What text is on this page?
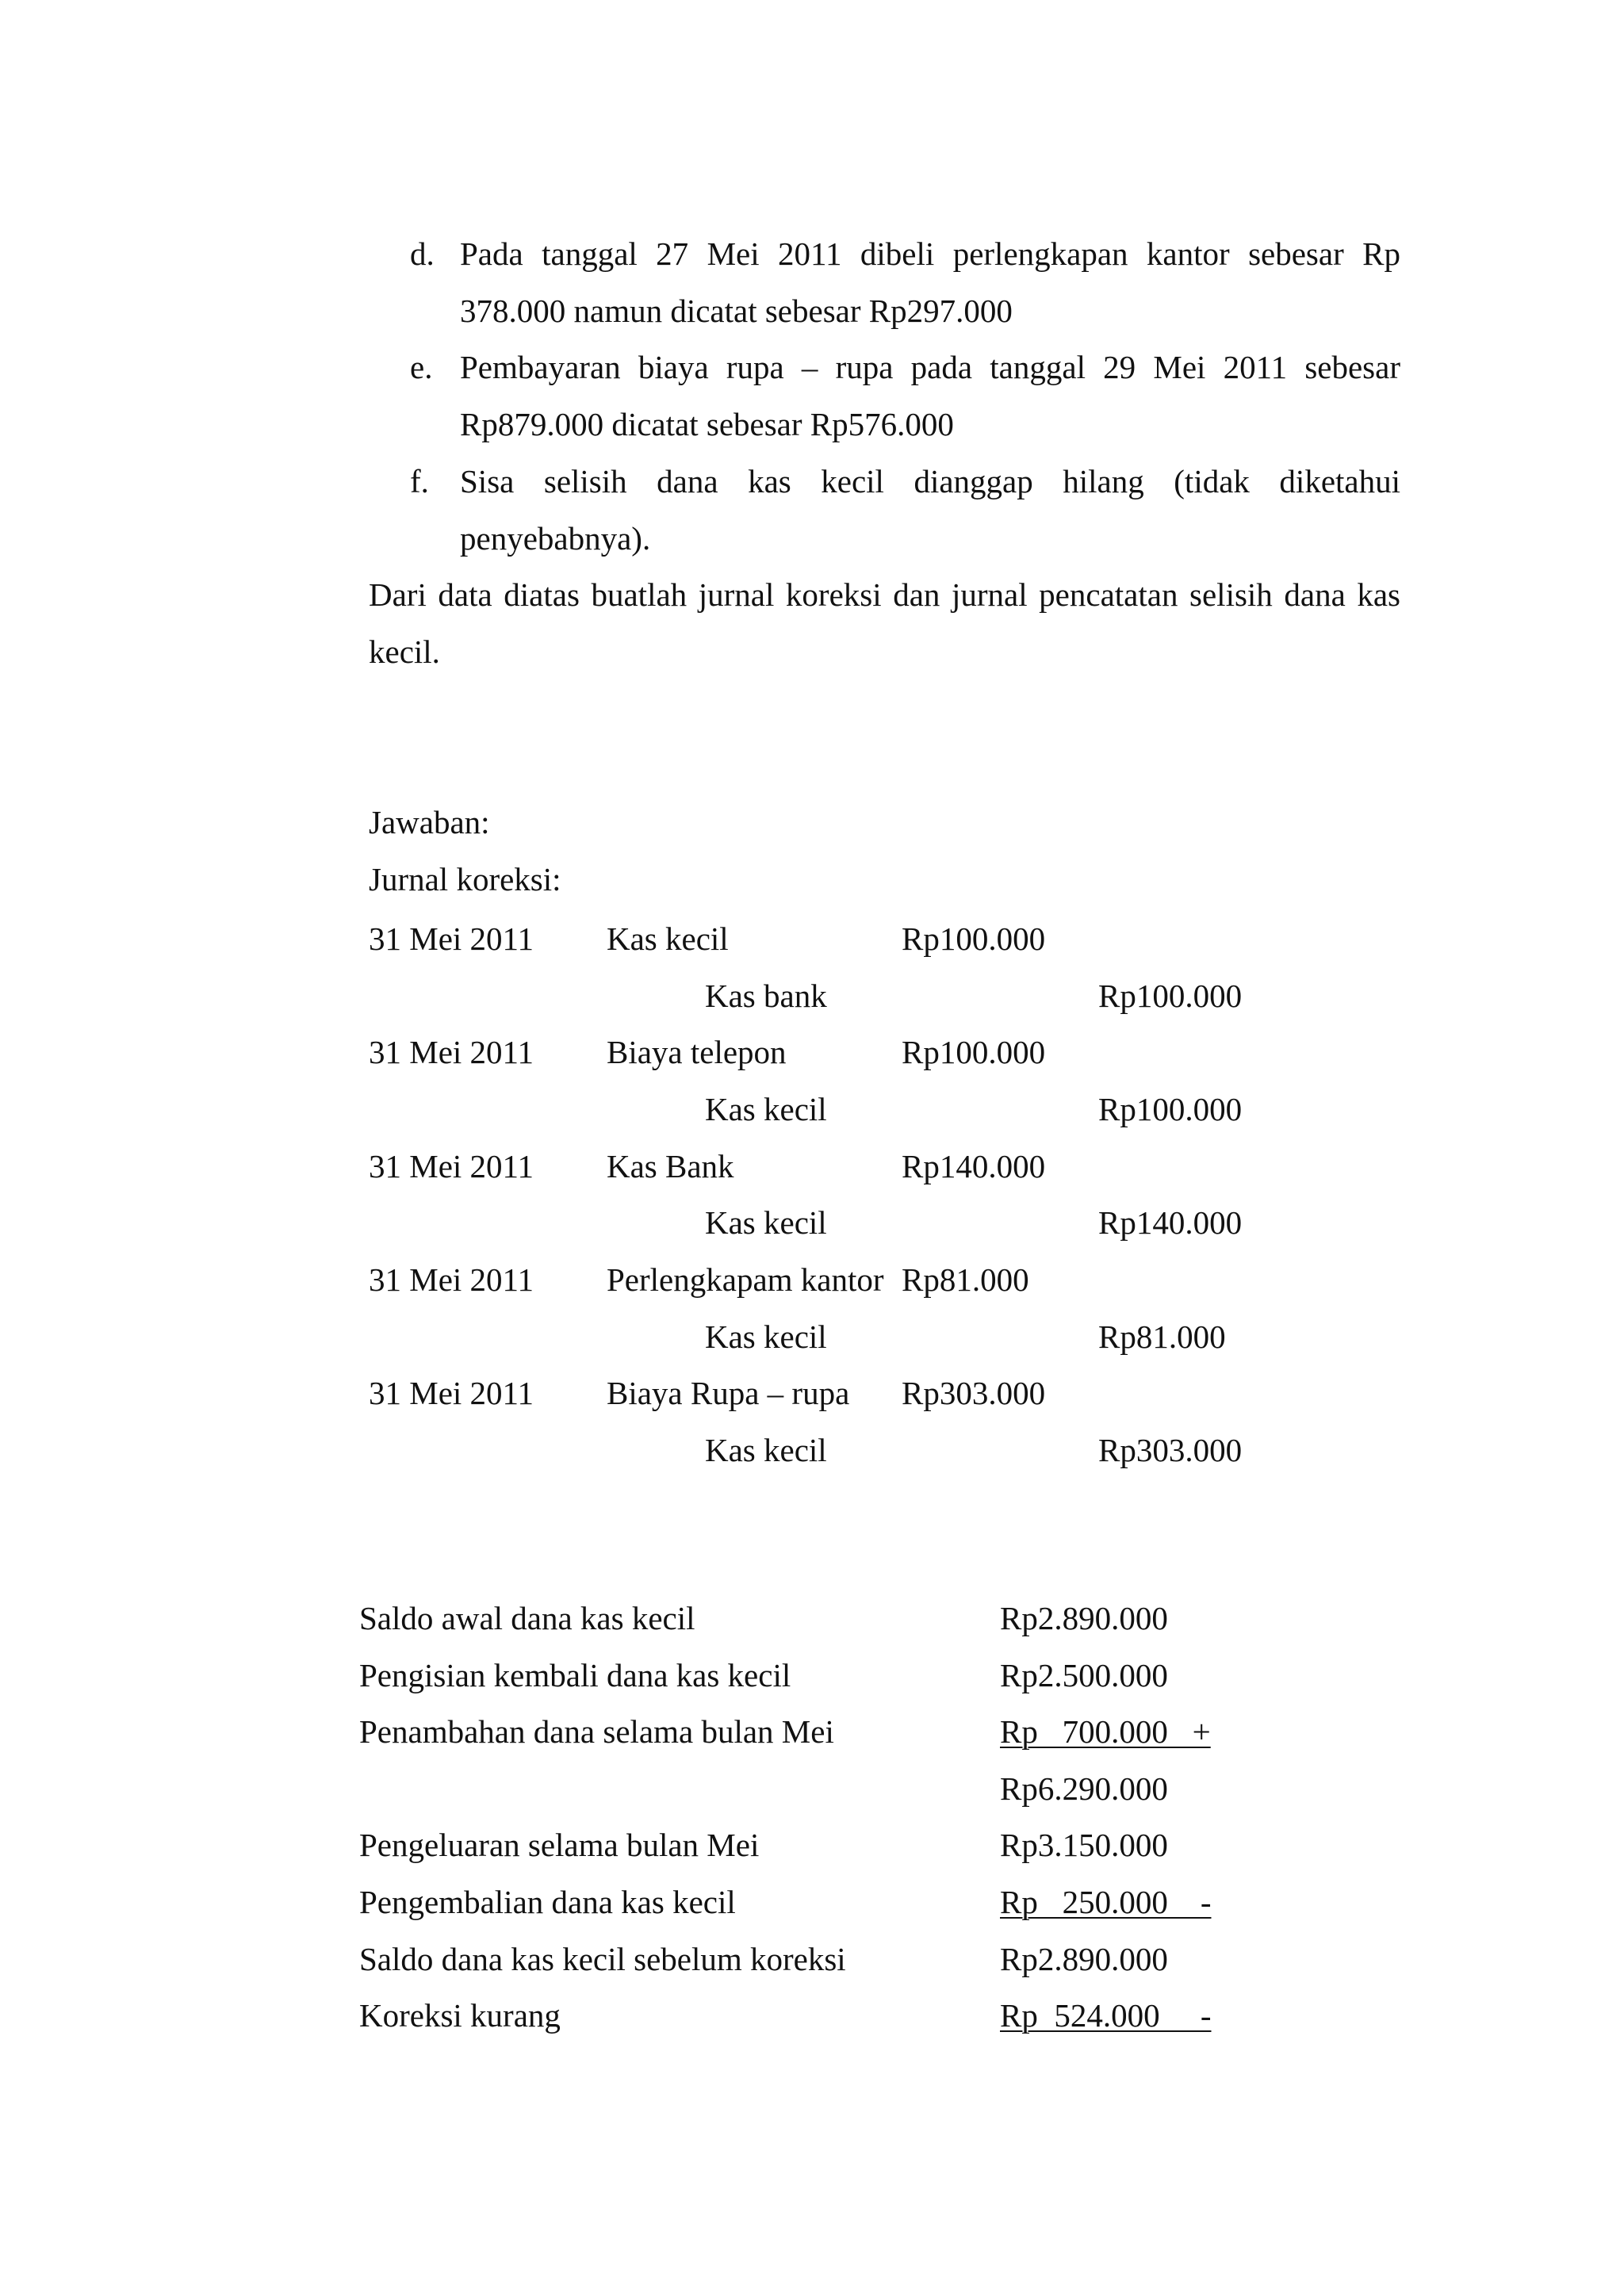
d. Pada tanggal 27 Mei 2011 dibeli perlengkapan kantor sebesar Rp
378.000 namun dicatat sebesar Rp297.000
e. Pembayaran biaya rupa – rupa pada tanggal 29 Mei 2011 sebesar
Rp879.000 dicatat sebesar Rp576.000
f. Sisa selisih dana kas kecil dianggap hilang (tidak diketahui
penyebabnya).
Dari data diatas buatlah jurnal koreksi dan jurnal pencatatan selisih dana kas
kecil.
Jawaban:
Jurnal koreksi:
31 Mei 2011 Kas kecil	Rp100.000
Kas bank	Rp100.000
31 Mei 2011 Biaya telepon	Rp100.000
Kas kecil	Rp100.000
31 Mei 2011 Kas Bank	Rp140.000
Kas kecil	Rp140.000
31 Mei 2011 Perlengkapam kantor Rp81.000
Kas kecil	Rp81.000
31 Mei 2011 Biaya Rupa – rupa Rp303.000
Kas kecil	Rp303.000
Saldo awal dana kas kecil	Rp2.890.000
Pengisian kembali dana kas kecil	Rp2.500.000
Penambahan dana selama bulan Mei	Rp   700.000   +
Rp6.290.000
Pengeluaran selama bulan Mei	Rp3.150.000
Pengembalian dana kas kecil	Rp   250.000    -
Saldo dana kas kecil sebelum koreksi	Rp2.890.000
Koreksi kurang	Rp  524.000     -
